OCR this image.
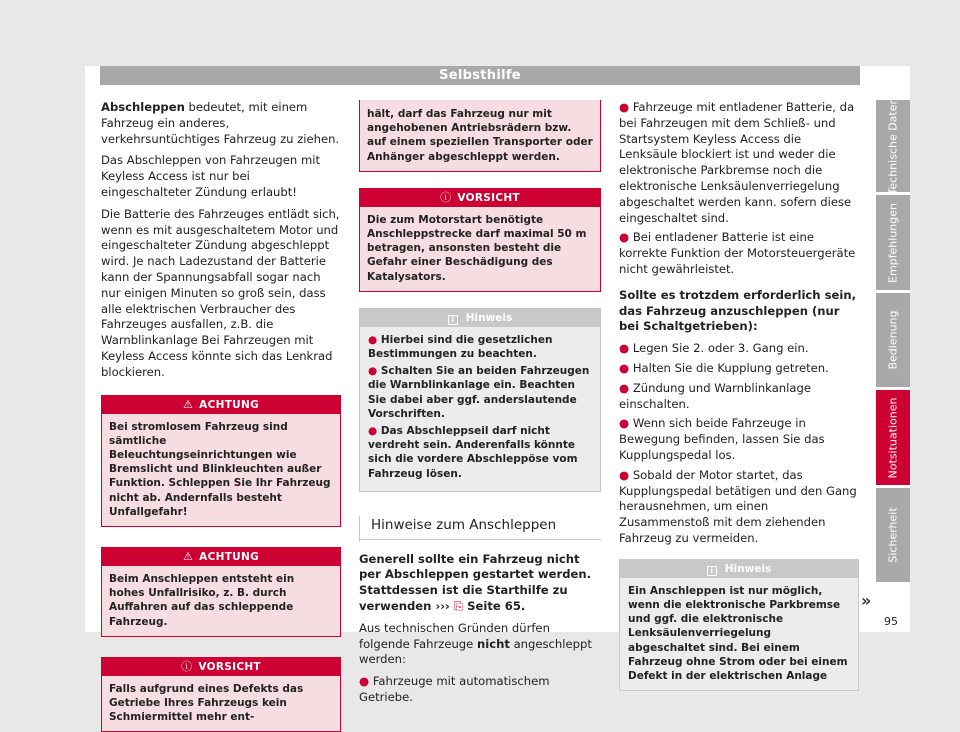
Selbsthilfe

Abschleppen bedeutet, mit einem Fahrzeug ein anderes, verkehrsuntüchtiges Fahrzeug zu ziehen.

Das Abschleppen von Fahrzeugen mit Keyless Access ist nur bei eingeschalteter Zündung erlaubt!

Die Batterie des Fahrzeuges entlädt sich, wenn es mit ausgeschaltetem Motor und eingeschalteter Zündung abgeschleppt wird. Je nach Ladezustand der Batterie kann der Spannungsabfall sogar nach nur einigen Minuten so groß sein, dass alle elektrischen Verbraucher des Fahrzeuges ausfallen, z.B. die Warnblinkanlage Bei Fahrzeugen mit Keyless Access könnte sich das Lenkrad blockieren.

⚠ ACHTUNG
Bei stromlosem Fahrzeug sind sämtliche Beleuchtungseinrichtungen wie Bremslicht und Blinkleuchten außer Funktion. Schleppen Sie Ihr Fahrzeug nicht ab. Andernfalls besteht Unfallgefahr!
⚠ ACHTUNG
Beim Anschleppen entsteht ein hohes Unfallrisiko, z. B. durch Auffahren auf das schleppende Fahrzeug.
ⓘ VORSICHT
Falls aufgrund eines Defekts das Getriebe Ihres Fahrzeugs kein Schmiermittel mehr ent-
hält, darf das Fahrzeug nur mit angehobenen Antriebsrädern bzw. auf einem speziellen Transporter oder Anhänger abgeschleppt werden.
ⓘ VORSICHT
Die zum Motorstart benötigte Anschleppstrecke darf maximal 50 m betragen, ansonsten besteht die Gefahr einer Beschädigung des Katalysators.
i Hinweis
● Hierbei sind die gesetzlichen Bestimmungen zu beachten.
● Schalten Sie an beiden Fahrzeugen die Warnblinkanlage ein. Beachten Sie dabei aber ggf. anderslautende Vorschriften.
● Das Abschleppseil darf nicht verdreht sein. Anderenfalls könnte sich die vordere Abschleppöse vom Fahrzeug lösen.
Hinweise zum Anschleppen

Generell sollte ein Fahrzeug nicht per Abschleppen gestartet werden. Stattdessen ist die Starthilfe zu verwenden ››› ⎘ Seite 65.

Aus technischen Gründen dürfen folgende Fahrzeuge nicht angeschleppt werden:

● Fahrzeuge mit automatischem Getriebe.
● Fahrzeuge mit entladener Batterie, da bei Fahrzeugen mit dem Schließ- und Startsystem Keyless Access die Lenksäule blockiert ist und weder die elektronische Parkbremse noch die elektronische Lenksäulenverriegelung abgeschaltet werden kann. sofern diese eingeschaltet sind.
● Bei entladener Batterie ist eine korrekte Funktion der Motorsteuergeräte nicht gewährleistet.

Sollte es trotzdem erforderlich sein, das Fahrzeug anzuschleppen (nur bei Schaltgetrieben):

● Legen Sie 2. oder 3. Gang ein.
● Halten Sie die Kupplung getreten.
● Zündung und Warnblinkanlage einschalten.
● Wenn sich beide Fahrzeuge in Bewegung befinden, lassen Sie das Kupplungspedal los.
● Sobald der Motor startet, das Kupplungspedal betätigen und den Gang herausnehmen, um einen Zusammenstoß mit dem ziehenden Fahrzeug zu vermeiden.
i Hinweis
Ein Anschleppen ist nur möglich, wenn die elektronische Parkbremse und ggf. die elektronische Lenksäulenverriegelung abgeschaltet sind. Bei einem Fahrzeug ohne Strom oder bei einem Defekt in der elektrischen Anlage
»
Technische Daten
Empfehlungen
Bedienung
Notsituationen
Sicherheit
95
